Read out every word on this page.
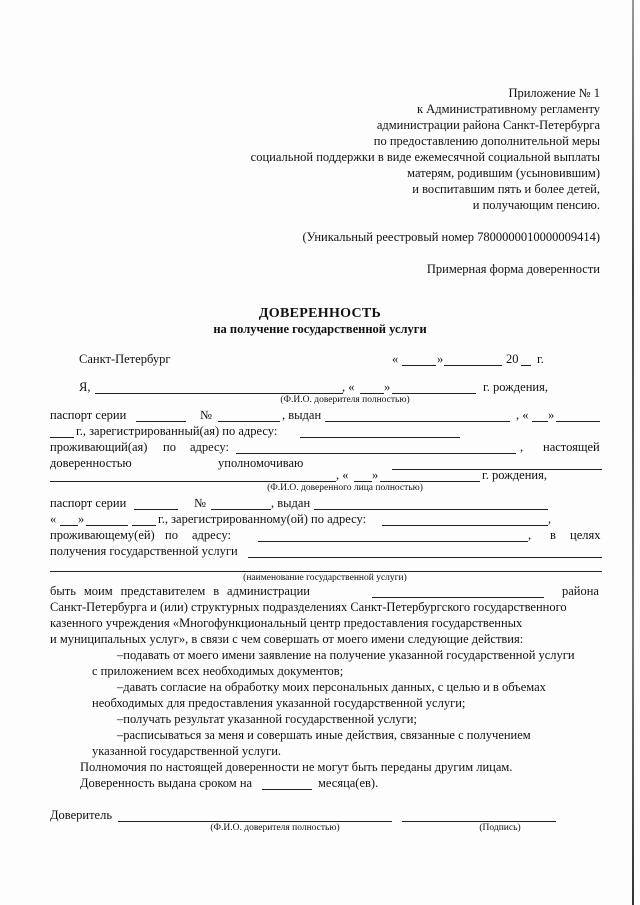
Приложение № 1
к Административному регламенту
администрации района Санкт-Петербурга
по предоставлению дополнительной меры
социальной поддержки в виде ежемесячной социальной выплаты
матерям, родившим (усыновившим)
и воспитавшим пять и более детей,
и получающим пенсию.
(Уникальный реестровый номер 7800000010000009414)
Примерная форма доверенности
ДОВЕРЕННОСТЬ
на получение государственной услуги
Санкт-Петербург	«	»	20 г.
Я,	, « »	г. рождения,
(Ф.И.О. доверителя полностью)
паспорт серии	№	, выдан	, « »
г., зарегистрированный(ая) по адресу:
проживающий(ая) по адресу:	, настоящей
доверенностью	уполномочиваю
, « »	г. рождения,
(Ф.И.О. доверенного лица полностью)
паспорт серии	№	, выдан
« »	г., зарегистрированному(ой) по адресу:	,
проживающему(ей) по адресу:	, в целях
получения государственной услуги
(наименование государственной услуги)
быть моим представителем в администрации	района
Санкт-Петербурга и (или) структурных подразделениях Санкт-Петербургского государственного
казенного учреждения «Многофункциональный центр предоставления государственных
и муниципальных услуг», в связи с чем совершать от моего имени следующие действия:
–подавать от моего имени заявление на получение указанной государственной услуги
с приложением всех необходимых документов;
–давать согласие на обработку моих персональных данных, с целью и в объемах
необходимых для предоставления указанной государственной услуги;
–получать результат указанной государственной услуги;
–расписываться за меня и совершать иные действия, связанные с получением
указанной государственной услуги.
Полномочия по настоящей доверенности не могут быть переданы другим лицам.
Доверенность выдана сроком на	месяца(ев).
Доверитель
(Ф.И.О. доверителя полностью)	(Подпись)
